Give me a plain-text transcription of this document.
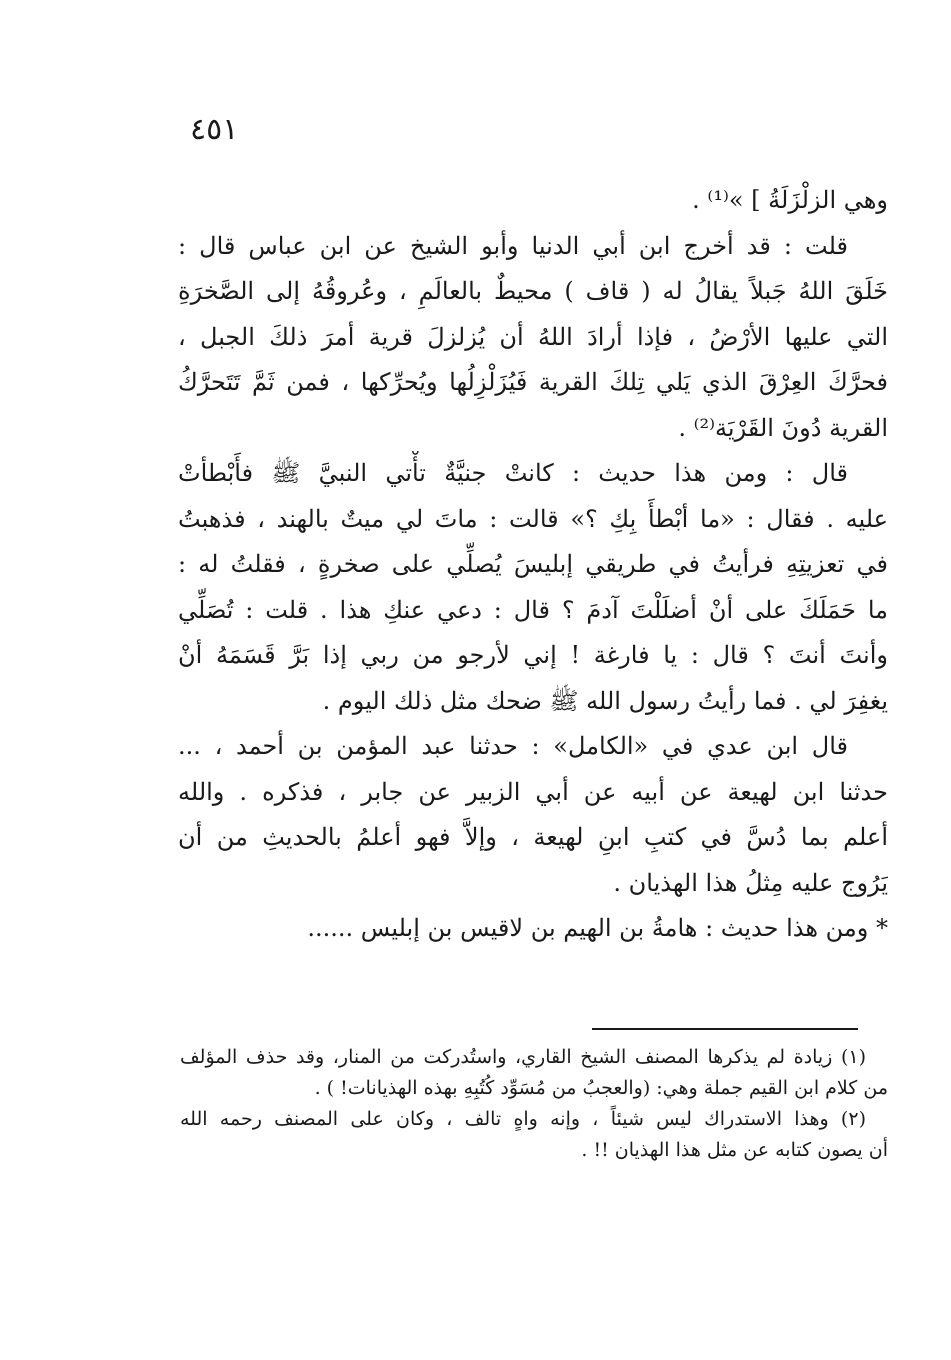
٤٥١
وهي الزلْزَلَةُ ] »⁽¹⁾ .
قلت : قد أخرج ابن أبي الدنيا وأبو الشيخ عن ابن عباس قال :
خَلَقَ اللهُ جَبلاً يقالُ له ( قاف ) محيطٌ بالعالَمِ ، وعُروقُهُ إلى الصَّخرَةِ
التي عليها الأرْضُ ، فإذا أرادَ اللهُ أن يُزلزلَ قرية أمرَ ذلكَ الجبل ،
فحرَّكَ العِرْقَ الذي يَلي تِلكَ القرية فَيُزَلْزِلُها ويُحرِّكها ، فمن ثَمَّ تَتَحرَّكُ
القرية دُونَ القَرْيَة⁽²⁾ .
قال : ومن هذا حديث : كانتْ جنيَّةٌ تأْتي النبيَّ ﷺ فأَبْطأتْ
عليه . فقال : «ما أبْطأَ بِكِ ؟» قالت : ماتَ لي ميتٌ بالهند ، فذهبتُ
في تعزيتِهِ فرأيتُ في طريقي إبليسَ يُصلِّي على صخرةٍ ، فقلتُ له :
ما حَمَلَكَ على أنْ أضلَلْتَ آدمَ ؟ قال : دعي عنكِ هذا . قلت : تُصَلِّي
وأنتَ أنتَ ؟ قال : يا فارغة ! إني لأرجو من ربي إذا بَرَّ قَسَمَهُ أنْ
يغفِرَ لي . فما رأيتُ رسول الله ﷺ ضحك مثل ذلك اليوم .
قال ابن عدي في «الكامل» : حدثنا عبد المؤمن بن أحمد ، ...
حدثنا ابن لهيعة عن أبيه عن أبي الزبير عن جابر ، فذكره . والله
أعلم بما دُسَّ في كتبِ ابنِ لهيعة ، وإلاَّ فهو أعلمُ بالحديثِ من أن
يَرُوج عليه مِثلُ هذا الهذيان .
* ومن هذا حديث : هامةُ بن الهيم بن لاقيس بن إبليس ......
(١) زيادة لم يذكرها المصنف الشيخ القاري، واستُدركت من المنار، وقد حذف المؤلف
من كلام ابن القيم جملة وهي: (والعجبُ من مُسَوِّد كُتُبِهِ بهذه الهذيانات! ) .
(٢) وهذا الاستدراك ليس شيئاً ، وإنه واهٍ تالف ، وكان على المصنف رحمه الله
أن يصون كتابه عن مثل هذا الهذيان !! .
